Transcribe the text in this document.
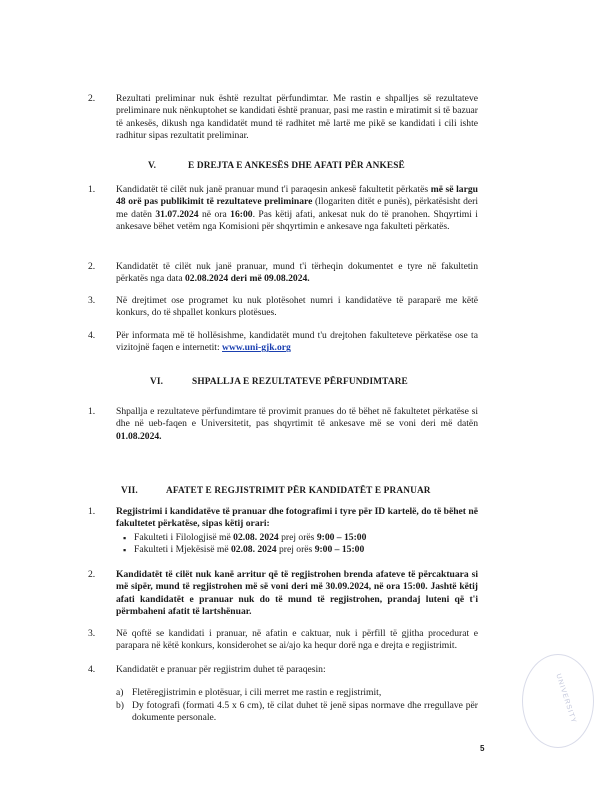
2.	Rezultati preliminar nuk është rezultat përfundimtar. Me rastin e shpalljes së rezultateve preliminare nuk nënkuptohet se kandidati është pranuar, pasi me rastin e miratimit si të bazuar të ankesës, dikush nga kandidatët mund të radhitet më lartë me pikë se kandidati i cili ishte radhitur sipas rezultatit preliminar.
V.	E DREJTA E ANKESËS DHE AFATI PËR ANKESË
1.	Kandidatët të cilët nuk janë pranuar mund t'i paraqesin ankesë fakultetit përkatës më së largu 48 orë pas publikimit të rezultateve preliminare (llogariten ditët e punës), përkatësisht deri me datën 31.07.2024 në ora 16:00. Pas këtij afati, ankesat nuk do të pranohen. Shqyrtimi i ankesave bëhet vetëm nga Komisioni për shqyrtimin e ankesave nga fakulteti përkatës.
2.	Kandidatët të cilët nuk janë pranuar, mund t'i tërheqin dokumentet e tyre në fakultetin përkatës nga data 02.08.2024 deri më 09.08.2024.
3.	Në drejtimet ose programet ku nuk plotësohet numri i kandidatëve të paraparë me këtë konkurs, do të shpallet konkurs plotësues.
4.	Për informata më të hollësishme, kandidatët mund t'u drejtohen fakulteteve përkatëse ose ta vizitojnë faqen e internetit: www.uni-gjk.org
VI.	SHPALLJA E REZULTATEVE PËRFUNDIMTARE
1.	Shpallja e rezultateve përfundimtare të provimit pranues do të bëhet në fakultetet përkatëse si dhe në ueb-faqen e Universitetit, pas shqyrtimit të ankesave më se voni deri më datën 01.08.2024.
VII.	AFATET E REGJISTRIMIT PËR KANDIDATËT E PRANUAR
1.	Regjistrimi i kandidatëve të pranuar dhe fotografimi i tyre për ID kartelë, do të bëhet në fakultetet përkatëse, sipas këtij orari:
▪ Fakulteti i Filologjisë më 02.08. 2024 prej orës 9:00 – 15:00
▪ Fakulteti i Mjekësisë më 02.08. 2024 prej orës 9:00 – 15:00
2.	Kandidatët të cilët nuk kanë arritur që të regjistrohen brenda afateve të përcaktuara si më sipër, mund të regjistrohen më së voni deri më 30.09.2024, në ora 15:00. Jashtë këtij afati kandidatët e pranuar nuk do të mund të regjistrohen, prandaj luteni që t'i përmbaheni afatit të lartshënuar.
3.	Në qoftë se kandidati i pranuar, në afatin e caktuar, nuk i përfill të gjitha procedurat e parapara në këtë konkurs, konsiderohet se ai/ajo ka hequr dorë nga e drejta e regjistrimit.
4.	Kandidatët e pranuar për regjistrim duhet të paraqesin:
a) Fletëregjistrimin e plotësuar, i cili merret me rastin e regjistrimit,
b) Dy fotografi (formati 4.5 x 6 cm), të cilat duhet të jenë sipas normave dhe rregullave për dokumente personale.	UNIVERSITY
5
